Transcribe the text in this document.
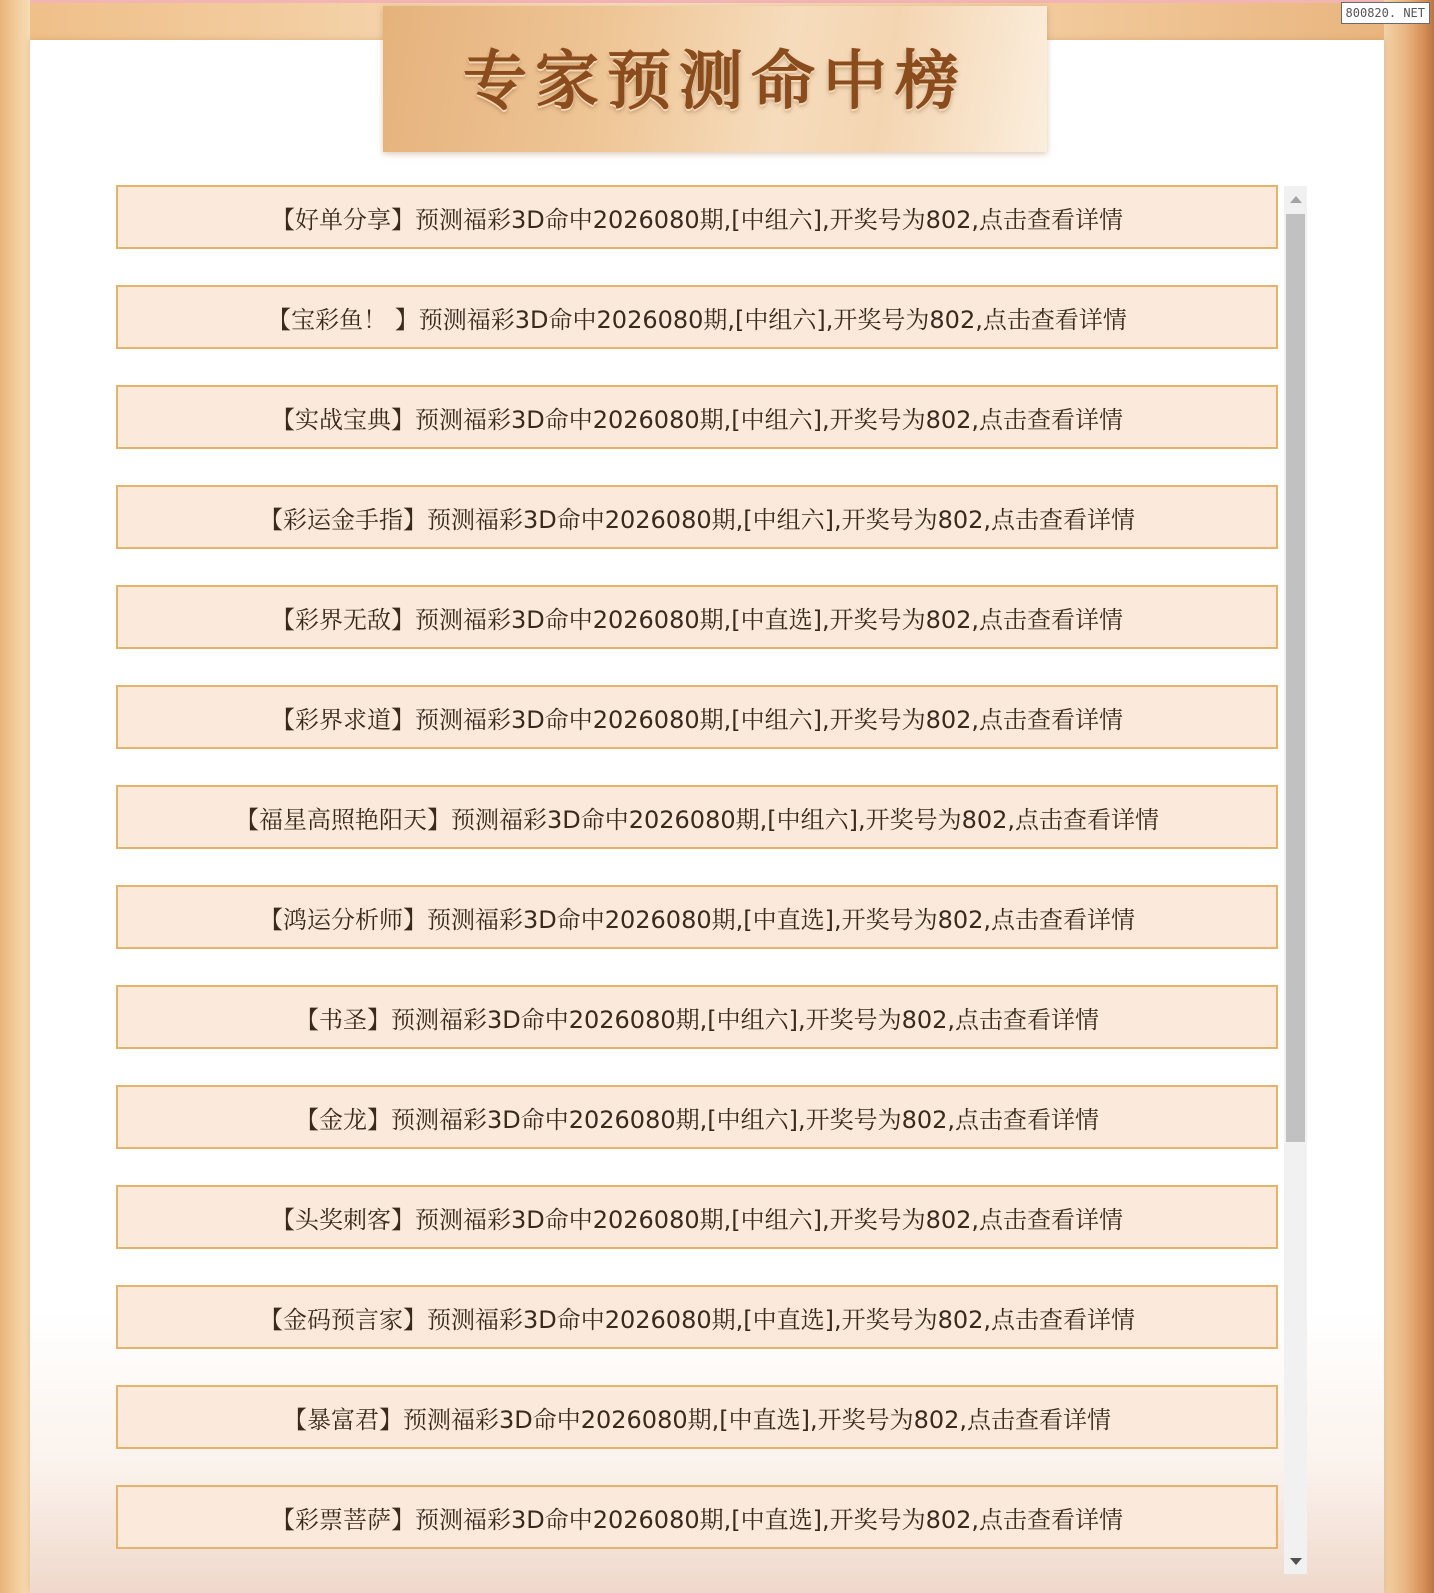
专家预测命中榜
800820. NET
【好单分享】预测福彩3D命中2026080期,[中组六],开奖号为802,点击查看详情
【宝彩鱼！ 】预测福彩3D命中2026080期,[中组六],开奖号为802,点击查看详情
【实战宝典】预测福彩3D命中2026080期,[中组六],开奖号为802,点击查看详情
【彩运金手指】预测福彩3D命中2026080期,[中组六],开奖号为802,点击查看详情
【彩界无敌】预测福彩3D命中2026080期,[中直选],开奖号为802,点击查看详情
【彩界求道】预测福彩3D命中2026080期,[中组六],开奖号为802,点击查看详情
【福星高照艳阳天】预测福彩3D命中2026080期,[中组六],开奖号为802,点击查看详情
【鸿运分析师】预测福彩3D命中2026080期,[中直选],开奖号为802,点击查看详情
【书圣】预测福彩3D命中2026080期,[中组六],开奖号为802,点击查看详情
【金龙】预测福彩3D命中2026080期,[中组六],开奖号为802,点击查看详情
【头奖刺客】预测福彩3D命中2026080期,[中组六],开奖号为802,点击查看详情
【金码预言家】预测福彩3D命中2026080期,[中直选],开奖号为802,点击查看详情
【暴富君】预测福彩3D命中2026080期,[中直选],开奖号为802,点击查看详情
【彩票菩萨】预测福彩3D命中2026080期,[中直选],开奖号为802,点击查看详情
